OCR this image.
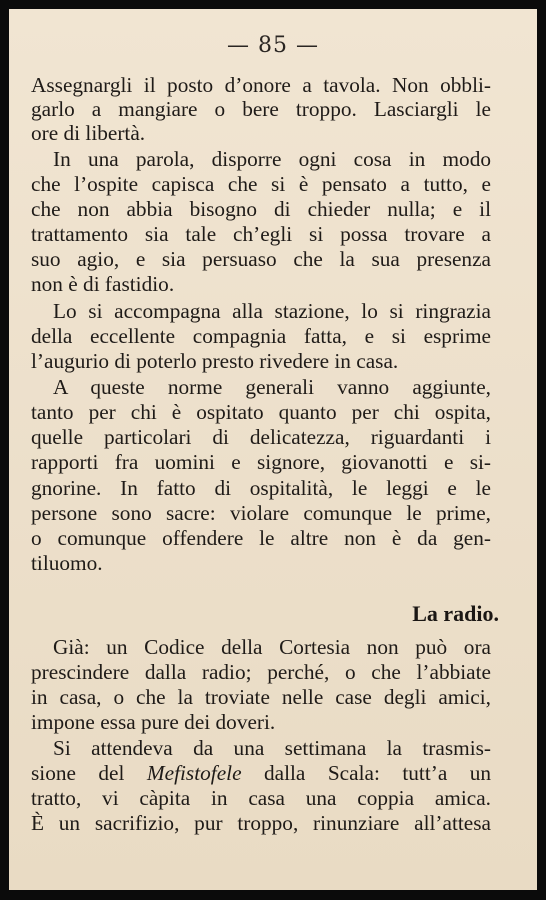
— 85 —
Assegnargli il posto d’onore a tavola. Non obbli-
garlo a mangiare o bere troppo. Lasciargli le
ore di libertà.
In una parola, disporre ogni cosa in modo
che l’ospite capisca che si è pensato a tutto, e
che non abbia bisogno di chieder nulla; e il
trattamento sia tale ch’egli si possa trovare a
suo agio, e sia persuaso che la sua presenza
non è di fastidio.
Lo si accompagna alla stazione, lo si ringrazia
della eccellente compagnia fatta, e si esprime
l’augurio di poterlo presto rivedere in casa.
A queste norme generali vanno aggiunte,
tanto per chi è ospitato quanto per chi ospita,
quelle particolari di delicatezza, riguardanti i
rapporti fra uomini e signore, giovanotti e si-
gnorine. In fatto di ospitalità, le leggi e le
persone sono sacre: violare comunque le prime,
o comunque offendere le altre non è da gen-
tiluomo.
Già: un Codice della Cortesia non può ora
prescindere dalla radio; perché, o che l’abbiate
in casa, o che la troviate nelle case degli amici,
impone essa pure dei doveri.
Si attendeva da una settimana la trasmis-
sione del Mefistofele dalla Scala: tutt’a un
tratto, vi càpita in casa una coppia amica.
È un sacrifizio, pur troppo, rinunziare all’attesa
La radio.
